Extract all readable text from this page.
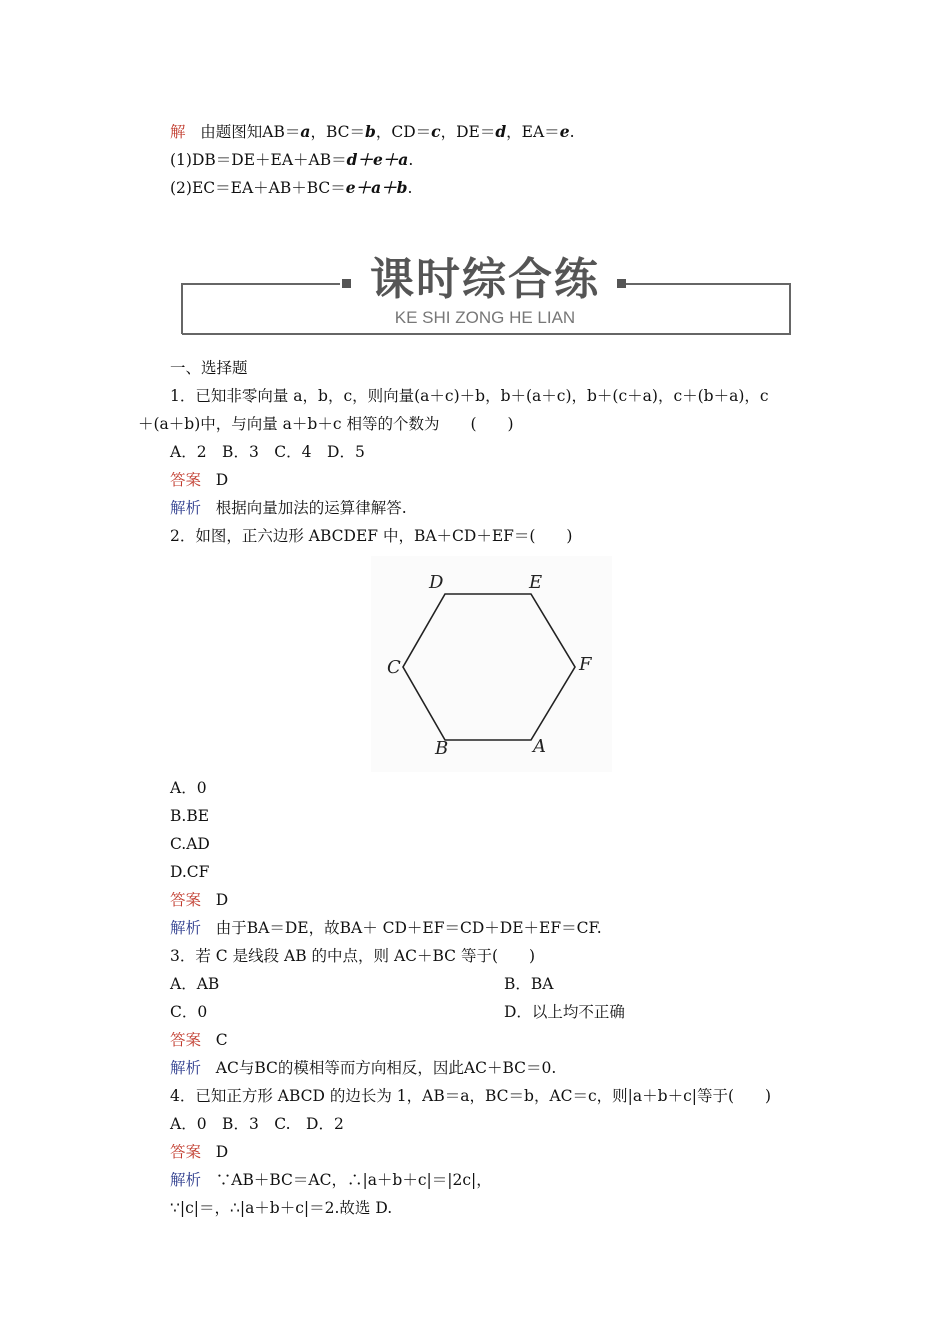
解 由题图知AB＝a，BC＝b，CD＝c，DE＝d，EA＝e.
(1)DB＝DE＋EA＋AB＝d＋e＋a.
(2)EC＝EA＋AB＋BC＝e＋a＋b.
课时综合练
KE SHI ZONG HE LIAN
一、选择题
1．已知非零向量 a，b，c，则向量(a＋c)＋b，b＋(a＋c)，b＋(c＋a)，c＋(b＋a)，c
＋(a＋b)中，与向量 a＋b＋c 相等的个数为　　(　　)
A．2　B．3　C．4　D．5
答案 D
解析 根据向量加法的运算律解答.
2．如图，正六边形 ABCDEF 中，BA＋CD＋EF＝(　　)
D	E
F
C
B	A
A．0
B.BE
C.AD
D.CF
答案 D
解析 由于BA＝DE，故BA＋ CD＋EF＝CD＋DE＋EF＝CF.
3．若 C 是线段 AB 的中点，则 AC＋BC 等于(　　)
A．AB	B．BA
C．0	D．以上均不正确
答案 C
解析 AC与BC的模相等而方向相反，因此AC＋BC＝0.
4．已知正方形 ABCD 的边长为 1，AB＝a，BC＝b，AC＝c，则|a＋b＋c|等于(　　)
A．0　B．3　C.　D．2
答案 D
解析 ∵AB＋BC＝AC，∴|a＋b＋c|＝|2c|，
∵|c|＝，∴|a＋b＋c|＝2.故选 D.
